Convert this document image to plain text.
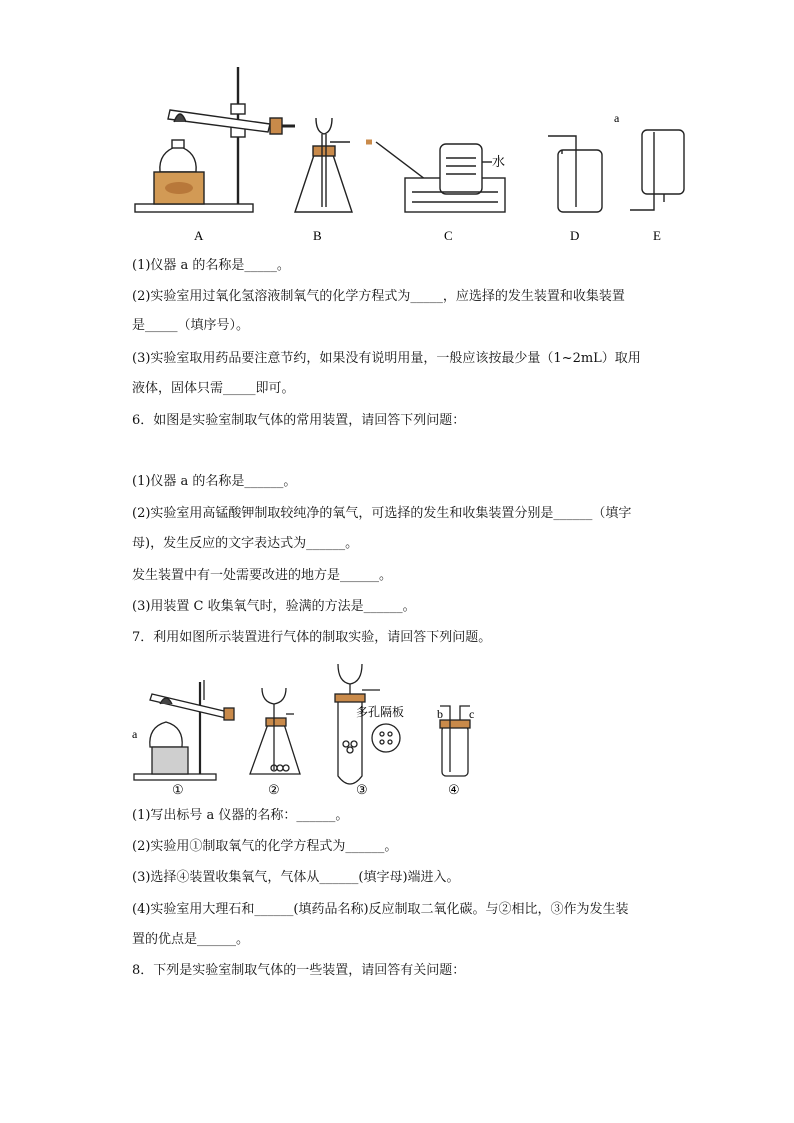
a
水
A	B	C	D	E
(1)仪器 a 的名称是_____。
(2)实验室用过氧化氢溶液制氧气的化学方程式为_____，应选择的发生装置和收集装置
是_____（填序号）。
(3)实验室取用药品要注意节约，如果没有说明用量，一般应该按最少量（1~2mL）取用
液体，固体只需_____即可。
6．如图是实验室制取气体的常用装置，请回答下列问题：
(1)仪器 a 的名称是______。
(2)实验室用高锰酸钾制取较纯净的氧气，可选择的发生和收集装置分别是______（填字
母)，发生反应的文字表达式为______。
发生装置中有一处需要改进的地方是______。
(3)用装置 C 收集氧气时，验满的方法是______。
7．利用如图所示装置进行气体的制取实验，请回答下列问题。
a
b c
多孔隔板
①	②	③	④
(1)写出标号 a 仪器的名称：______。
(2)实验用①制取氧气的化学方程式为______。
(3)选择④装置收集氧气，气体从______(填字母)端进入。
(4)实验室用大理石和______(填药品名称)反应制取二氧化碳。与②相比，③作为发生装
置的优点是______。
8．下列是实验室制取气体的一些装置，请回答有关问题：
